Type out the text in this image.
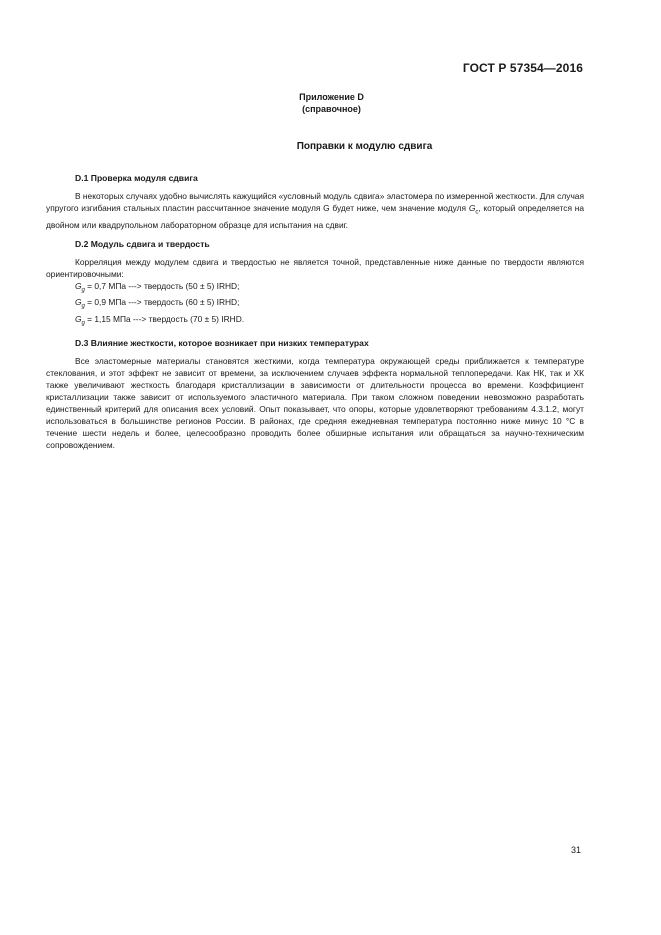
ГОСТ Р 57354—2016
Приложение D
(справочное)
Поправки к модулю сдвига

D.1 Проверка модуля сдвига

В некоторых случаях удобно вычислять кажущийся «условный модуль сдвига» эластомера по измеренной жесткости. Для случая упругого изгибания стальных пластин рассчитанное значение модуля G будет ниже, чем значение модуля $G_c$, который определяется на двойном или квадрупольном лабораторном образце для испытания на сдвиг.

D.2 Модуль сдвига и твердость

Корреляция между модулем сдвига и твердостью не является точной, представленные ниже данные по твердости являются ориентировочными:

$G_g = 0,7$ МПа ---> твердость (50 ± 5) IRHD;

$G_g = 0,9$ МПа ---> твердость (60 ± 5) IRHD;

$G_g = 1,15$ МПа ---> твердость (70 ± 5) IRHD.

D.3 Влияние жесткости, которое возникает при низких температурах

Все эластомерные материалы становятся жесткими, когда температура окружающей среды приближается к температуре стеклования, и этот эффект не зависит от времени, за исключением случаев эффекта нормальной теплопередачи. Как НК, так и ХК также увеличивают жесткость благодаря кристаллизации в зависимости от длительности процесса во времени. Коэффициент кристаллизации также зависит от используемого эластичного материала. При таком сложном поведении невозможно разработать единственный критерий для описания всех условий. Опыт показывает, что опоры, которые удовлетворяют требованиям 4.3.1.2, могут использоваться в большинстве регионов России. В районах, где средняя ежедневная температура постоянно ниже минус 10 °С в течение шести недель и более, целесообразно проводить более обширные испытания или обращаться за научно-техническим сопровождением.

31
